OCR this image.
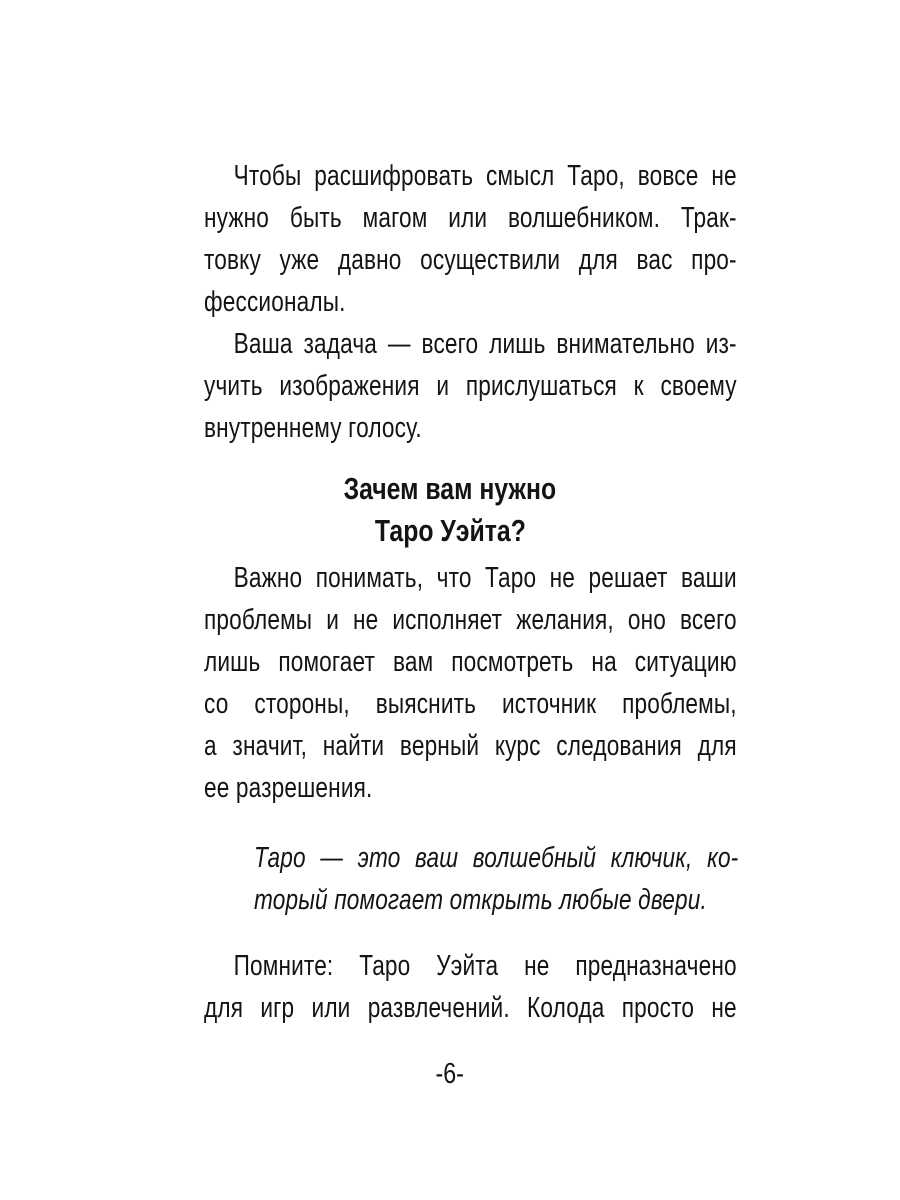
Чтобы расшифровать смысл Таро, вовсе не
нужно быть магом или волшебником. Трак-
товку уже давно осуществили для вас про-
фессионалы.
Ваша задача — всего лишь внимательно из-
учить изображения и прислушаться к своему
внутреннему голосу.
Зачем вам нужно
Таро Уэйта?
Важно понимать, что Таро не решает ваши
проблемы и не исполняет желания, оно всего
лишь помогает вам посмотреть на ситуацию
со стороны, выяснить источник проблемы,
а значит, найти верный курс следования для
ее разрешения.
Таро — это ваш волшебный ключик, ко-
торый помогает открыть любые двери.
Помните: Таро Уэйта не предназначено
для игр или развлечений. Колода просто не
-6-
